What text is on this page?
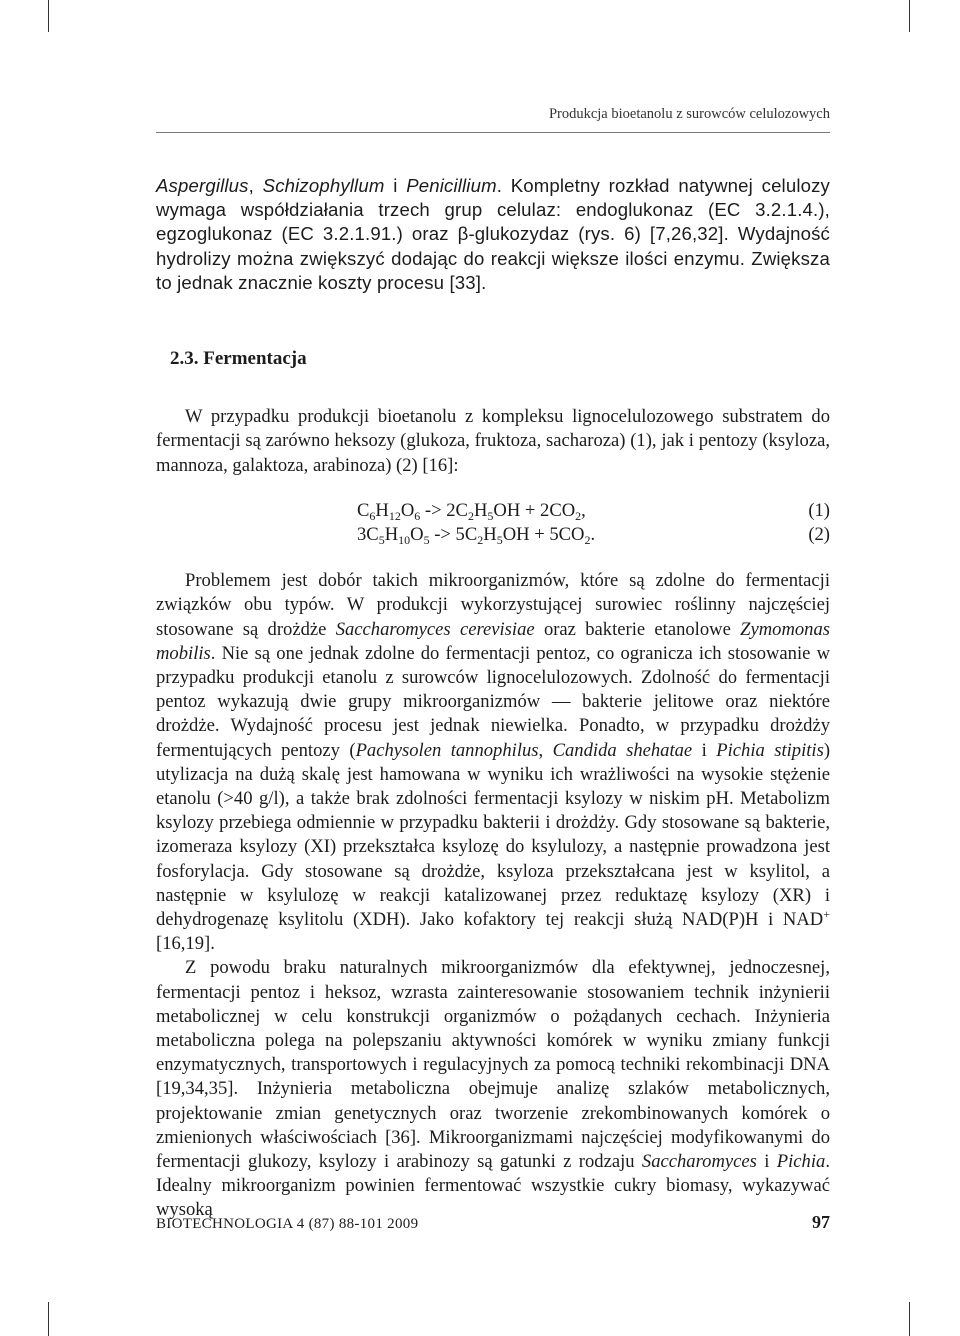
Produkcja bioetanolu z surowców celulozowych

Aspergillus, Schizophyllum i Penicillium. Kompletny rozkład natywnej celulozy wymaga współdziałania trzech grup celulaz: endoglukonaz (EC 3.2.1.4.), egzoglukonaz (EC 3.2.1.91.) oraz β-glukozydaz (rys. 6) [7,26,32]. Wydajność hydrolizy można zwiększyć dodając do reakcji większe ilości enzymu. Zwiększa to jednak znacznie koszty procesu [33].

2.3. Fermentacja

W przypadku produkcji bioetanolu z kompleksu lignocelulozowego substratem do fermentacji są zarówno heksozy (glukoza, fruktoza, sacharoza) (1), jak i pentozy (ksyloza, mannoza, galaktoza, arabinoza) (2) [16]:

$C_6H_{12}O_6 -> 2C_2H_5OH + 2CO_2$,	(1)
$3C_5H_{10}O_5 -> 5C_2H_5OH + 5CO_2$.	(2)

Problemem jest dobór takich mikroorganizmów, które są zdolne do fermentacji związków obu typów. W produkcji wykorzystującej surowiec roślinny najczęściej stosowane są drożdże Saccharomyces cerevisiae oraz bakterie etanolowe Zymomonas mobilis. Nie są one jednak zdolne do fermentacji pentoz, co ogranicza ich stosowanie w przypadku produkcji etanolu z surowców lignocelulozowych. Zdolność do fermentacji pentoz wykazują dwie grupy mikroorganizmów — bakterie jelitowe oraz niektóre drożdże. Wydajność procesu jest jednak niewielka. Ponadto, w przypadku drożdży fermentujących pentozy (Pachysolen tannophilus, Candida shehatae i Pichia stipitis) utylizacja na dużą skalę jest hamowana w wyniku ich wrażliwości na wysokie stężenie etanolu (>40 g/l), a także brak zdolności fermentacji ksylozy w niskim pH. Metabolizm ksylozy przebiega odmiennie w przypadku bakterii i drożdży. Gdy stosowane są bakterie, izomeraza ksylozy (XI) przekształca ksylozę do ksylulozy, a następnie prowadzona jest fosforylacja. Gdy stosowane są drożdże, ksyloza przekształcana jest w ksylitol, a następnie w ksylulozę w reakcji katalizowanej przez reduktazę ksylozy (XR) i dehydrogenazę ksylitolu (XDH). Jako kofaktory tej reakcji służą NAD(P)H i NAD+ [16,19].

Z powodu braku naturalnych mikroorganizmów dla efektywnej, jednoczesnej, fermentacji pentoz i heksoz, wzrasta zainteresowanie stosowaniem technik inżynierii metabolicznej w celu konstrukcji organizmów o pożądanych cechach. Inżynieria metaboliczna polega na polepszaniu aktywności komórek w wyniku zmiany funkcji enzymatycznych, transportowych i regulacyjnych za pomocą techniki rekombinacji DNA [19,34,35]. Inżynieria metaboliczna obejmuje analizę szlaków metabolicznych, projektowanie zmian genetycznych oraz tworzenie zrekombinowanych komórek o zmienionych właściwościach [36]. Mikroorganizmami najczęściej modyfikowanymi do fermentacji glukozy, ksylozy i arabinozy są gatunki z rodzaju Saccharomyces i Pichia. Idealny mikroorganizm powinien fermentować wszystkie cukry biomasy, wykazywać wysoką

BIOTECHNOLOGIA 4 (87) 88-101 2009	97
